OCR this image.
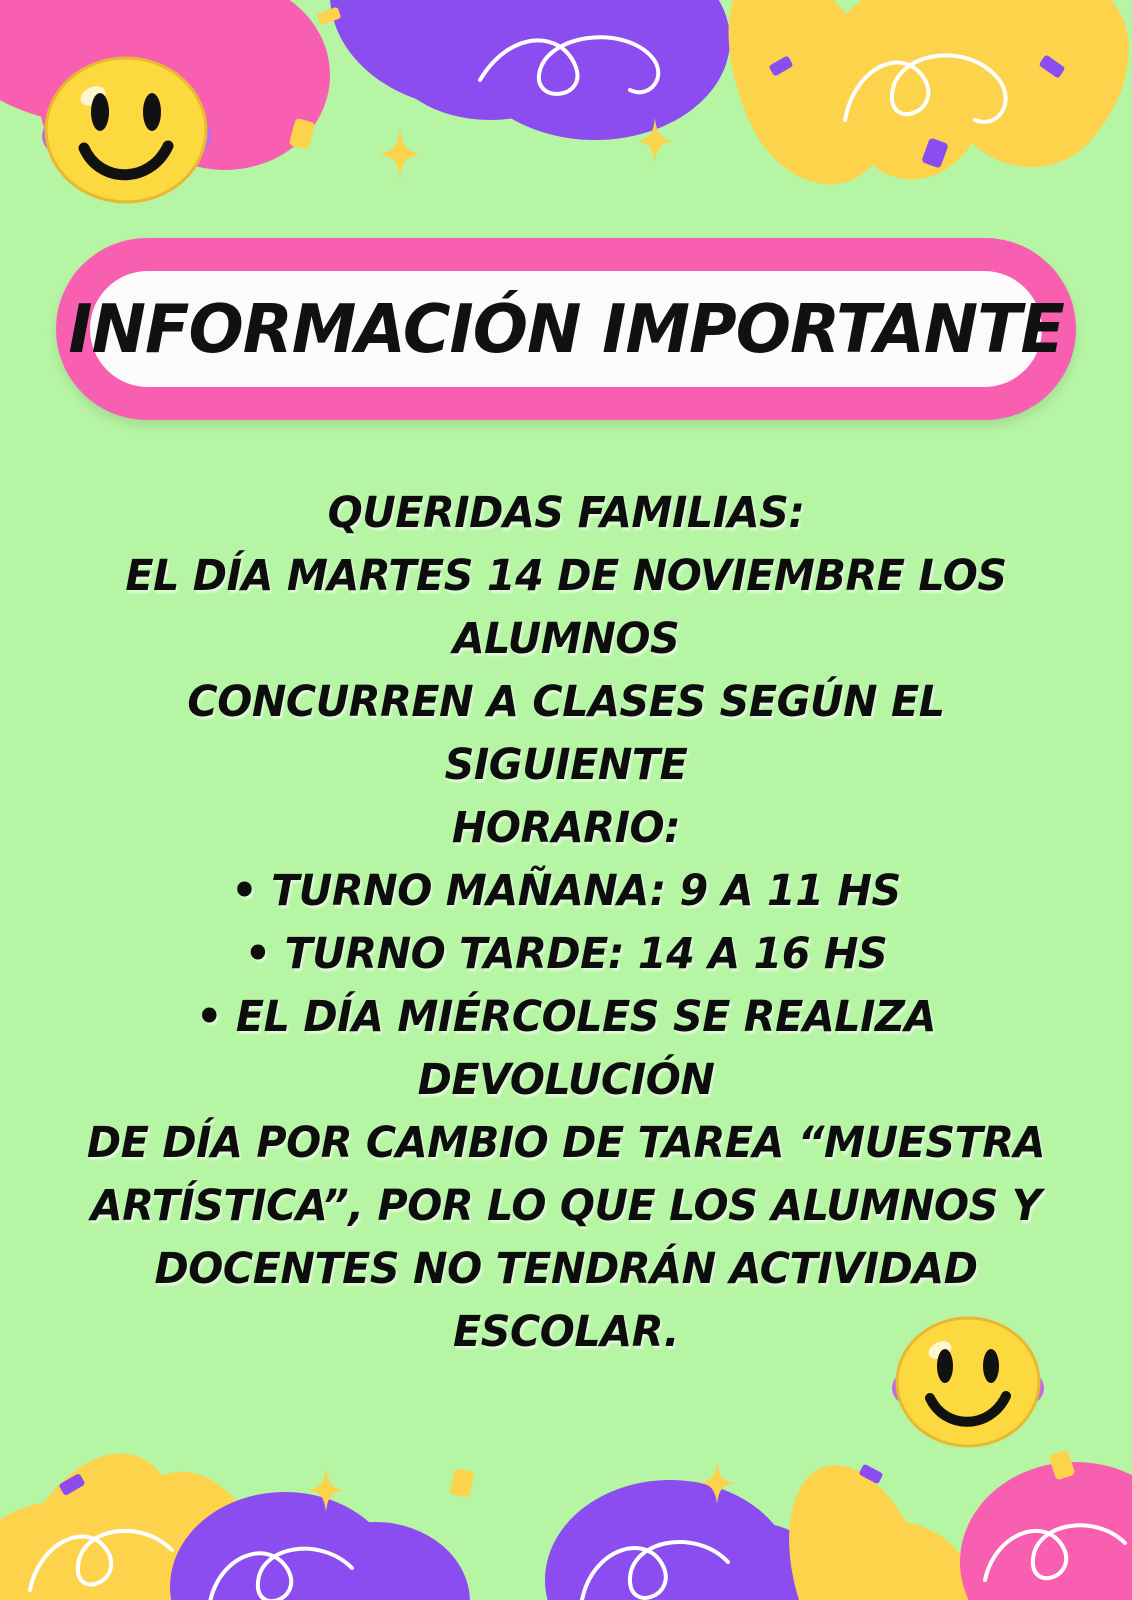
INFORMACIÓN IMPORTANTE
QUERIDAS FAMILIAS:
EL DÍA MARTES 14 DE NOVIEMBRE LOS ALUMNOS
CONCURREN A CLASES SEGÚN EL SIGUIENTE
HORARIO:
• TURNO MAÑANA: 9 A 11 HS
• TURNO TARDE: 14 A 16 HS
• EL DÍA MIÉRCOLES SE REALIZA DEVOLUCIÓN
DE DÍA POR CAMBIO DE TAREA “MUESTRA
ARTÍSTICA”, POR LO QUE LOS ALUMNOS Y
DOCENTES NO TENDRÁN ACTIVIDAD ESCOLAR.
